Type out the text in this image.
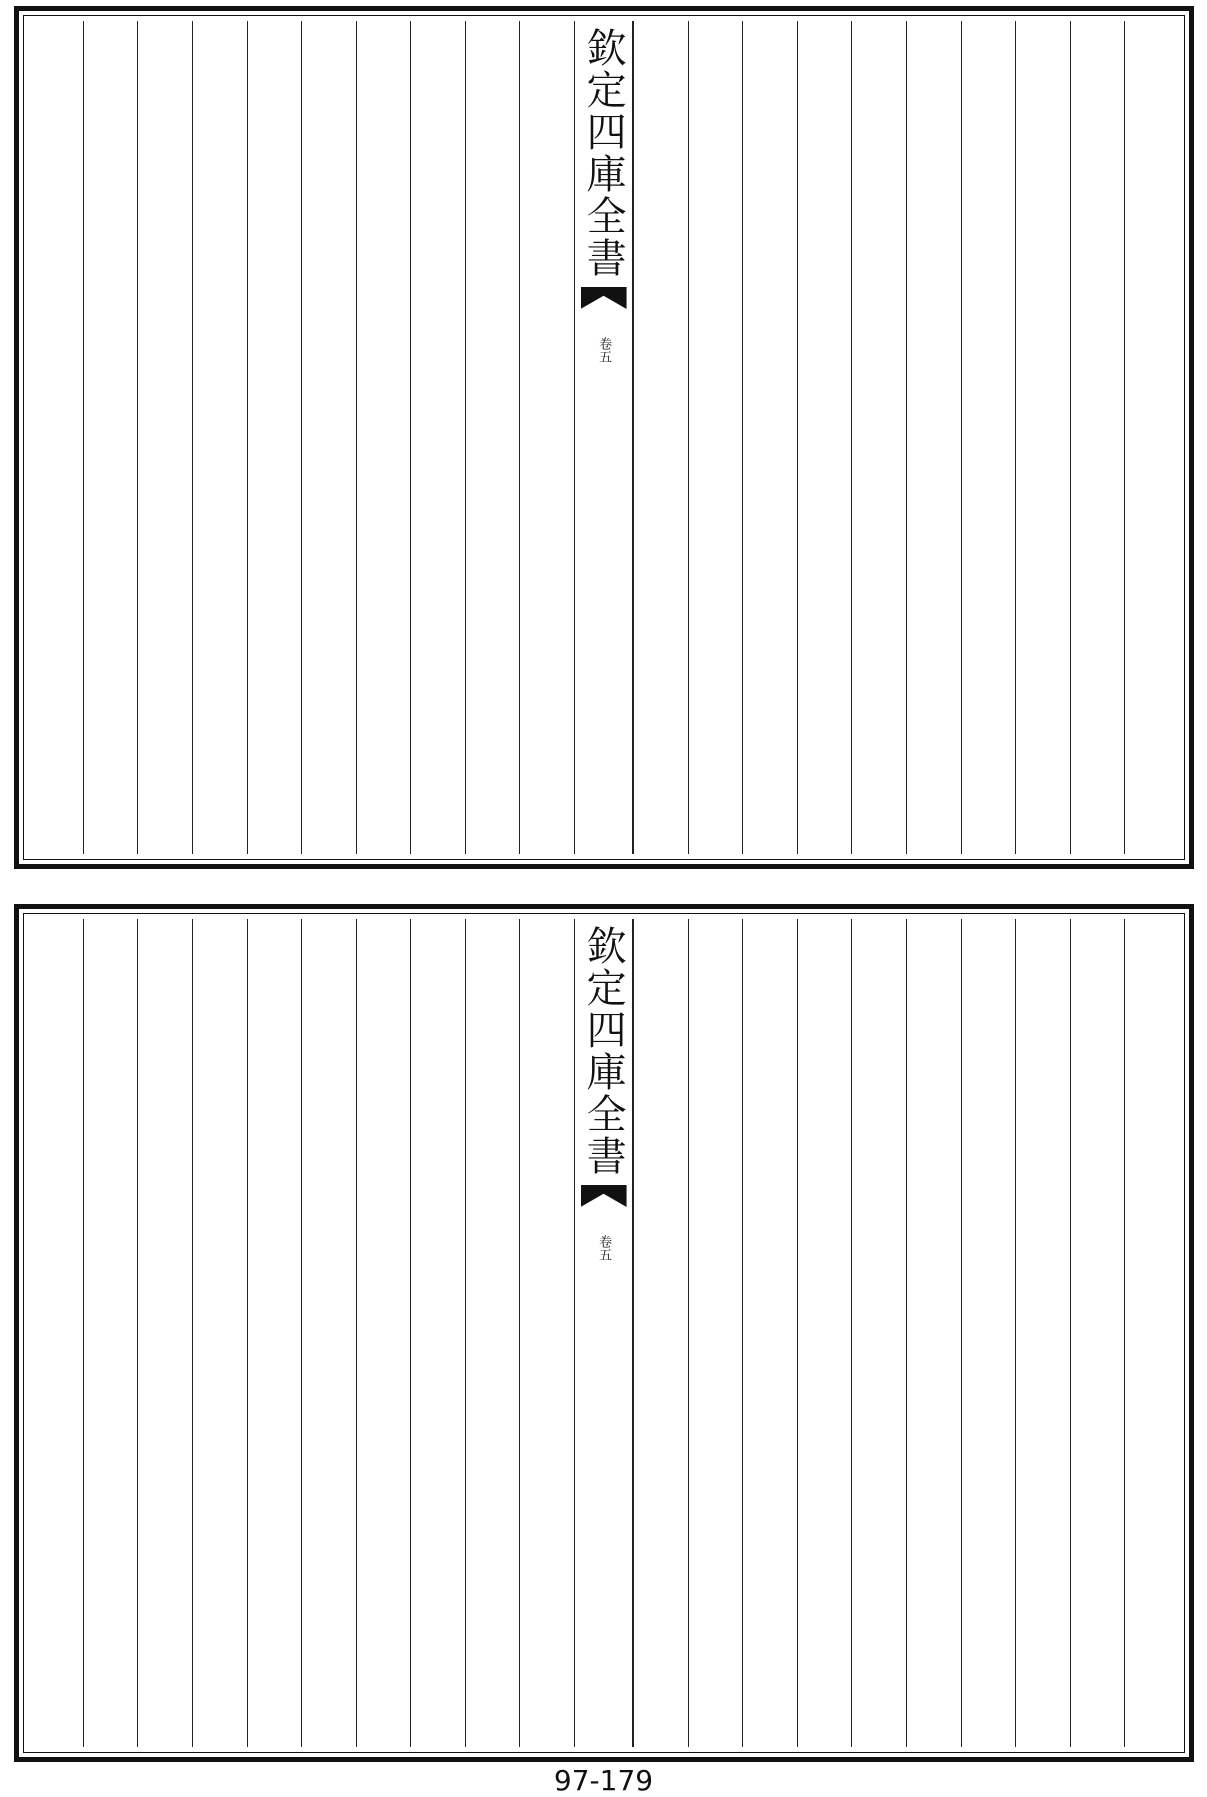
欽定四庫全書
卷五
欽定四庫全書
卷五
97-179
